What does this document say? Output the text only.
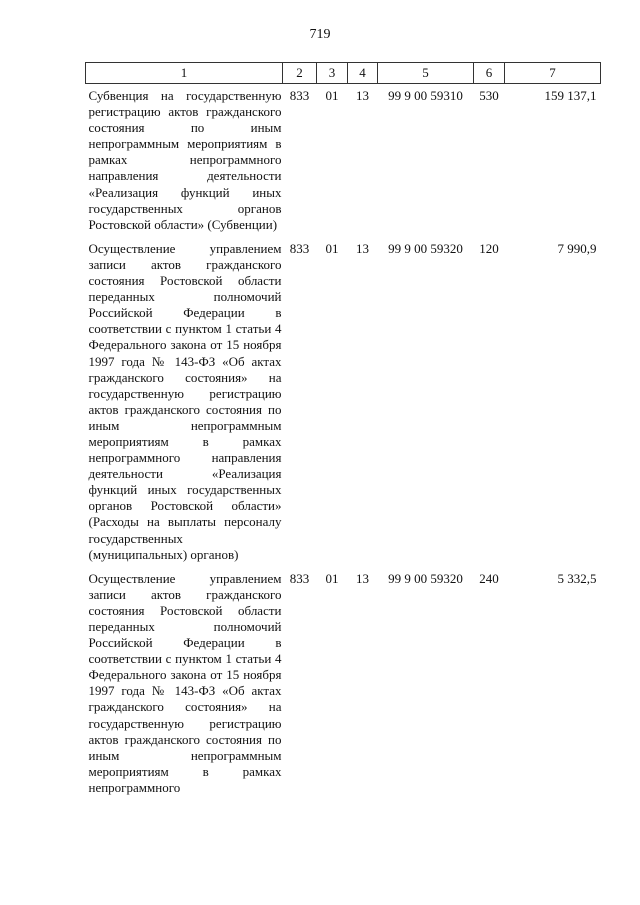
719
1	2	3	4	5	6	7
Субвенция на государственную регистрацию актов гражданского состояния по иным непрограммным мероприятиям в рамках непрограммного направления деятельности «Реализация функций иных государственных органов Ростовской области» (Субвенции)	833	01	13	99 9 00 59310	530	159 137,1
Осуществление управлением записи актов гражданского состояния Ростовской области переданных полномочий Российской Федерации в соответствии с пунктом 1 статьи 4 Федерального закона от 15 ноября 1997 года № 143-ФЗ «Об актах гражданского состояния» на государственную регистрацию актов гражданского состояния по иным непрограммным мероприятиям в рамках непрограммного направления деятельности «Реализация функций иных государственных органов Ростовской области» (Расходы на выплаты персоналу государственных (муниципальных) органов)	833	01	13	99 9 00 59320	120	7 990,9
Осуществление управлением записи актов гражданского состояния Ростовской области переданных полномочий Российской Федерации в соответствии с пунктом 1 статьи 4 Федерального закона от 15 ноября 1997 года № 143-ФЗ «Об актах гражданского состояния» на государственную регистрацию актов гражданского состояния по иным непрограммным мероприятиям в рамках непрограммного	833	01	13	99 9 00 59320	240	5 332,5
